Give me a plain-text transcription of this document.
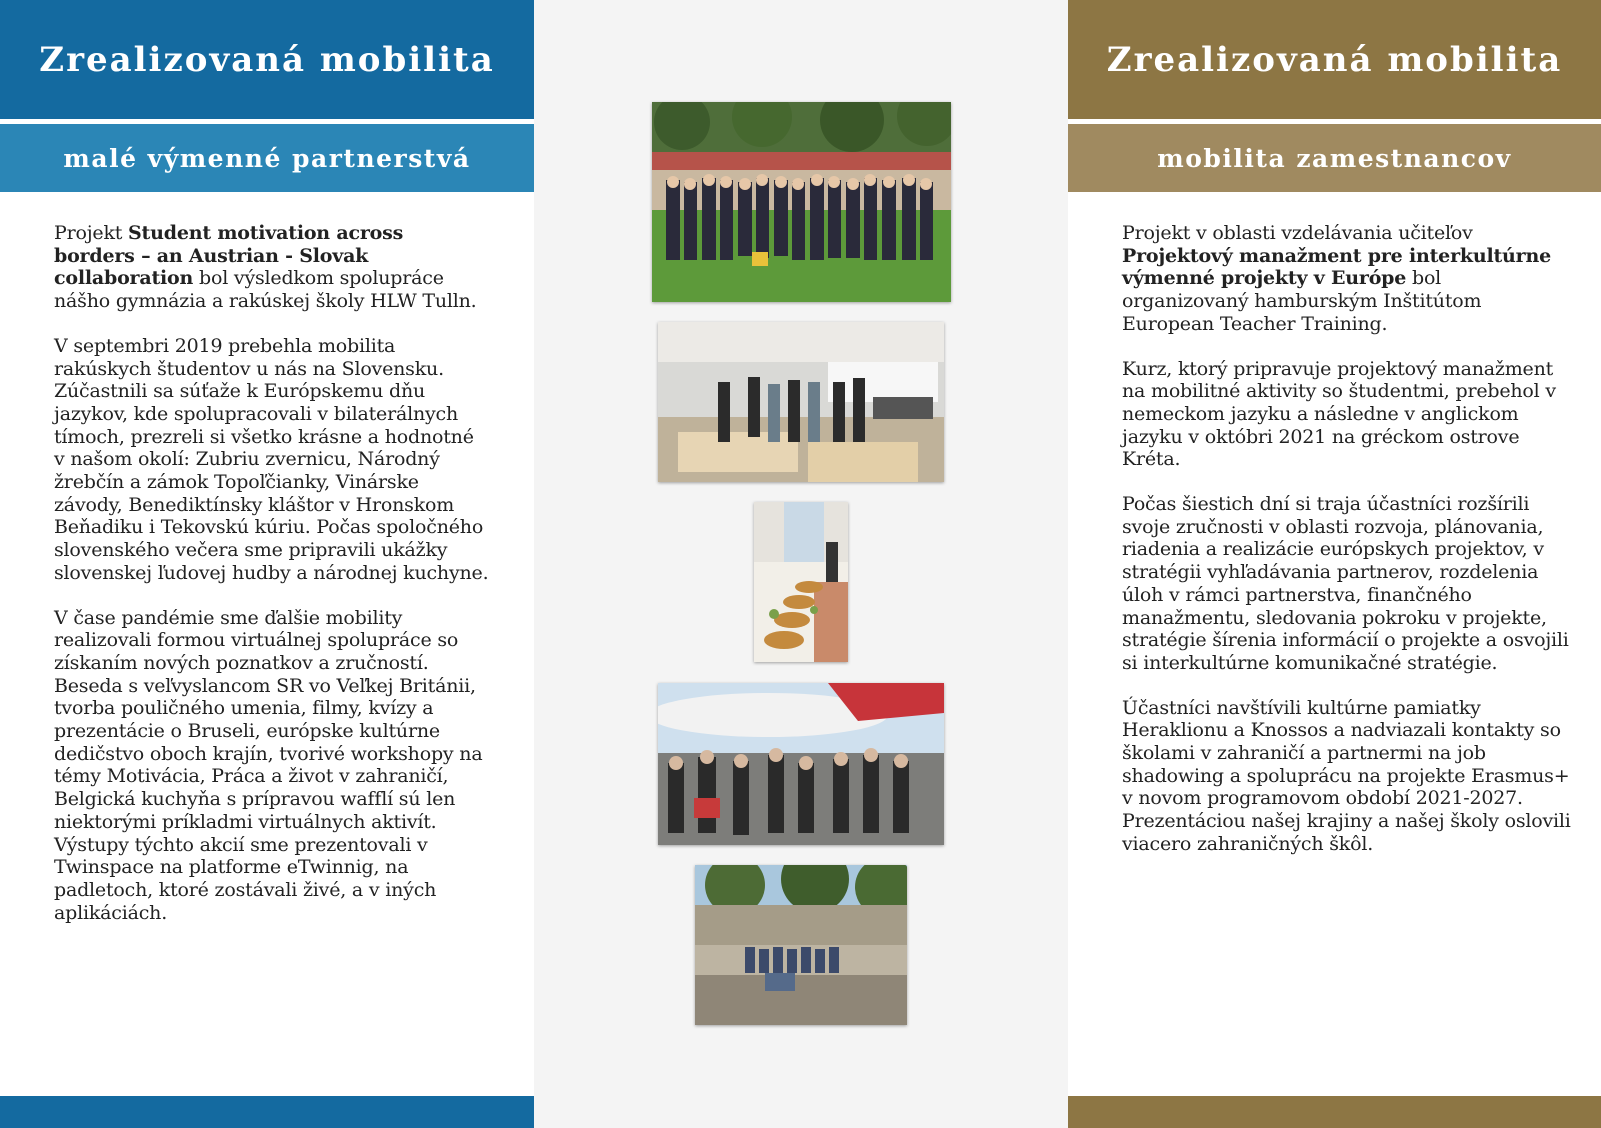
Zrealizovaná mobilita
malé výmenné partnerstvá

Projekt Student motivation across borders – an Austrian - Slovak collaboration bol výsledkom spolupráce nášho gymnázia a rakúskej školy HLW Tulln.

V septembri 2019 prebehla mobilita rakúskych študentov u nás na Slovensku. Zúčastnili sa súťaže k Európskemu dňu jazykov, kde spolupracovali v bilaterálnych tímoch, prezreli si všetko krásne a hodnotné v našom okolí: Zubriu zvernicu, Národný žrebčín a zámok Topoľčianky, Vinárske závody, Benediktínsky kláštor v Hronskom Beňadiku i Tekovskú kúriu. Počas spoločného slovenského večera sme pripravili ukážky slovenskej ľudovej hudby a národnej kuchyne.

V čase pandémie sme ďalšie mobility realizovali formou virtuálnej spolupráce so získaním nových poznatkov a zručností. Beseda s veľvyslancom SR vo Veľkej Británii, tvorba pouličného umenia, filmy, kvízy a prezentácie o Bruseli, európske kultúrne dedičstvo oboch krajín, tvorivé workshopy na témy Motivácia, Práca a život v zahraničí, Belgická kuchyňa s prípravou wafflí sú len niektorými príkladmi virtuálnych aktivít. Výstupy týchto akcií sme prezentovali v Twinspace na platforme eTwinnig, na padletoch, ktoré zostávali živé, a v iných aplikáciách.

Zrealizovaná mobilita
mobilita zamestnancov

Projekt v oblasti vzdelávania učiteľov Projektový manažment pre interkultúrne výmenné projekty v Európe bol organizovaný hamburským Inštitútom European Teacher Training.

Kurz, ktorý pripravuje projektový manažment na mobilitné aktivity so študentmi, prebehol v nemeckom jazyku a následne v anglickom jazyku v októbri 2021 na gréckom ostrove Kréta.

Počas šiestich dní si traja účastníci rozšírili svoje zručnosti v oblasti rozvoja, plánovania, riadenia a realizácie európskych projektov, v stratégii vyhľadávania partnerov, rozdelenia úloh v rámci partnerstva, finančného manažmentu, sledovania pokroku v projekte, stratégie šírenia informácií o projekte a osvojili si interkultúrne komunikačné stratégie.

Účastníci navštívili kultúrne pamiatky Heraklionu a Knossos a nadviazali kontakty so školami v zahraničí a partnermi na job shadowing a spoluprácu na projekte Erasmus+ v novom programovom období 2021-2027. Prezentáciou našej krajiny a našej školy oslovili viacero zahraničných škôl.
